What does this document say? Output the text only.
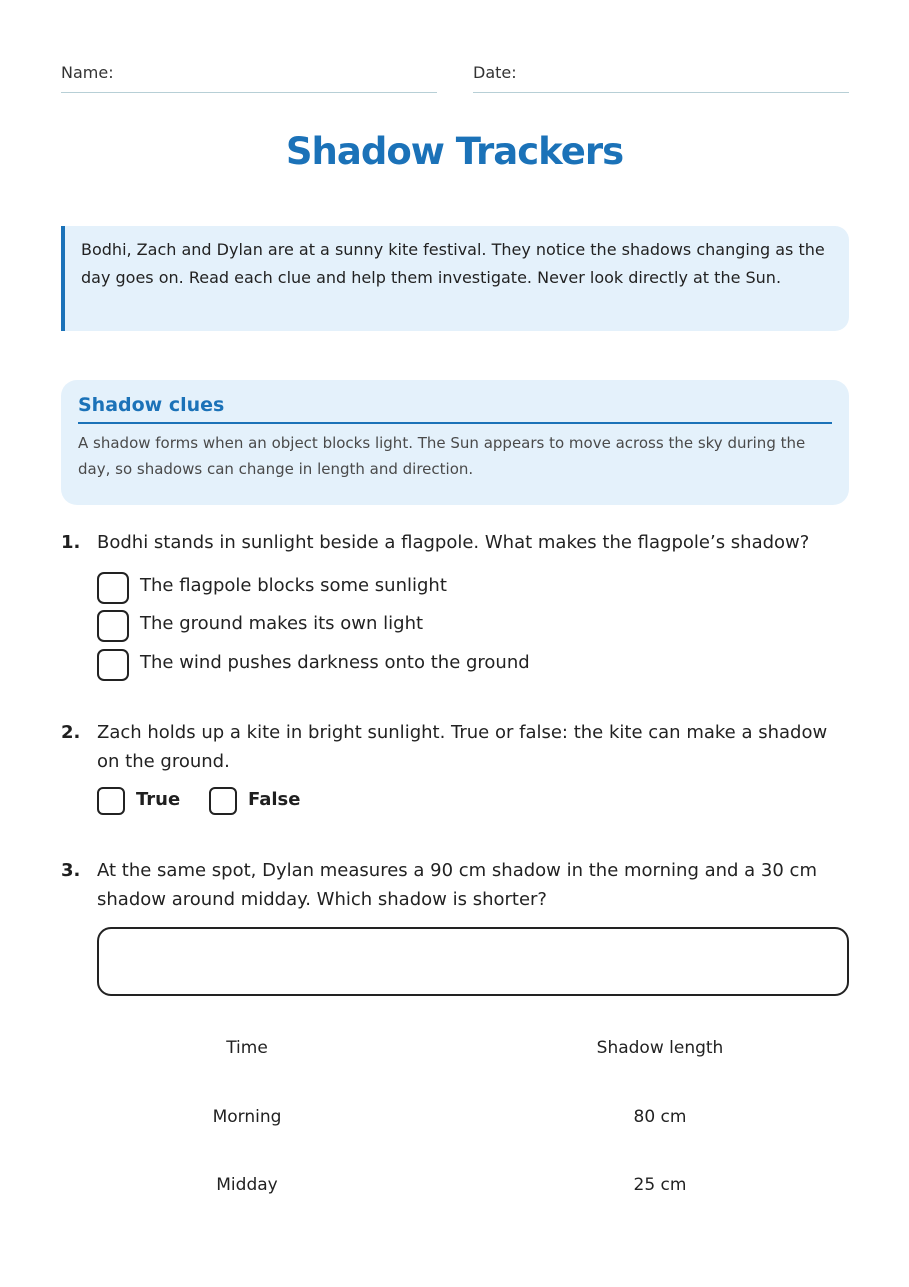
Name:	Date:
Shadow Trackers

Bodhi, Zach and Dylan are at a sunny kite festival. They notice the shadows changing as the day goes on. Read each clue and help them investigate. Never look directly at the Sun.

Shadow clues

A shadow forms when an object blocks light. The Sun appears to move across the sky during the day, so shadows can change in length and direction.

1. Bodhi stands in sunlight beside a flagpole. What makes the flagpole’s shadow?
The flagpole blocks some sunlight
The ground makes its own light
The wind pushes darkness onto the ground
2. Zach holds up a kite in bright sunlight. True or false: the kite can make a shadow on the ground.
True	False
3. At the same spot, Dylan measures a 90 cm shadow in the morning and a 30 cm shadow around midday. Which shadow is shorter?
Time	Shadow length
Morning	80 cm
Midday	25 cm
